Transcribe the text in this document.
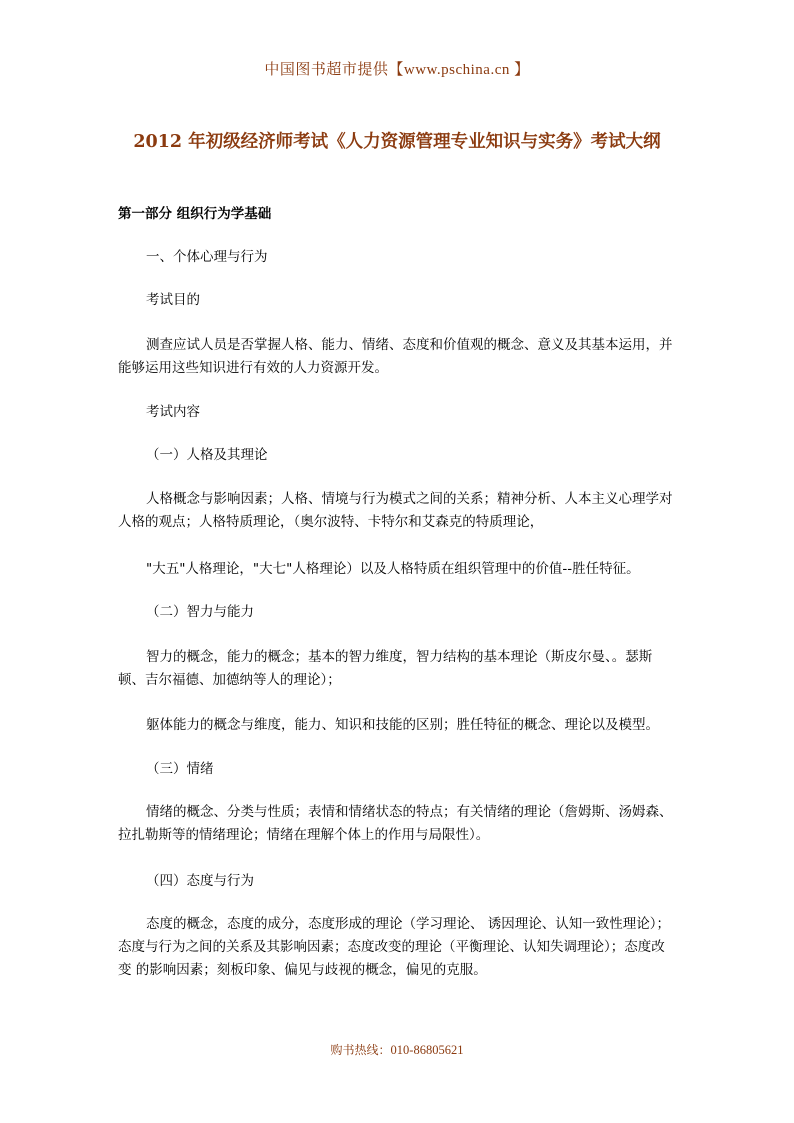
中国图书超市提供【www.pschina.cn 】
2012 年初级经济师考试《人力资源管理专业知识与实务》考试大纲
第一部分 组织行为学基础
一、个体心理与行为
考试目的
测查应试人员是否掌握人格、能力、情绪、态度和价值观的概念、意义及其基本运用，并能够运用这些知识进行有效的人力资源开发。
考试内容
（一）人格及其理论
人格概念与影响因素；人格、情境与行为模式之间的关系；精神分析、人本主义心理学对人格的观点；人格特质理论，（奥尔波特、卡特尔和艾森克的特质理论，
"大五"人格理论，"大七"人格理论）以及人格特质在组织管理中的价值--胜任特征。
（二）智力与能力
智力的概念，能力的概念；基本的智力维度，智力结构的基本理论（斯皮尔曼、。瑟斯顿、吉尔福德、加德纳等人的理论）；
躯体能力的概念与维度，能力、知识和技能的区别；胜任特征的概念、理论以及模型。
（三）情绪
情绪的概念、分类与性质；表情和情绪状态的特点；有关情绪的理论（詹姆斯、汤姆森、拉扎勒斯等的情绪理论；情绪在理解个体上的作用与局限性）。
（四）态度与行为
态度的概念，态度的成分，态度形成的理论（学习理论、 诱因理论、认知一致性理论）；态度与行为之间的关系及其影响因素；态度改变的理论（平衡理论、认知失调理论）；态度改变 的影响因素；刻板印象、偏见与歧视的概念，偏见的克服。
购书热线：010-86805621
